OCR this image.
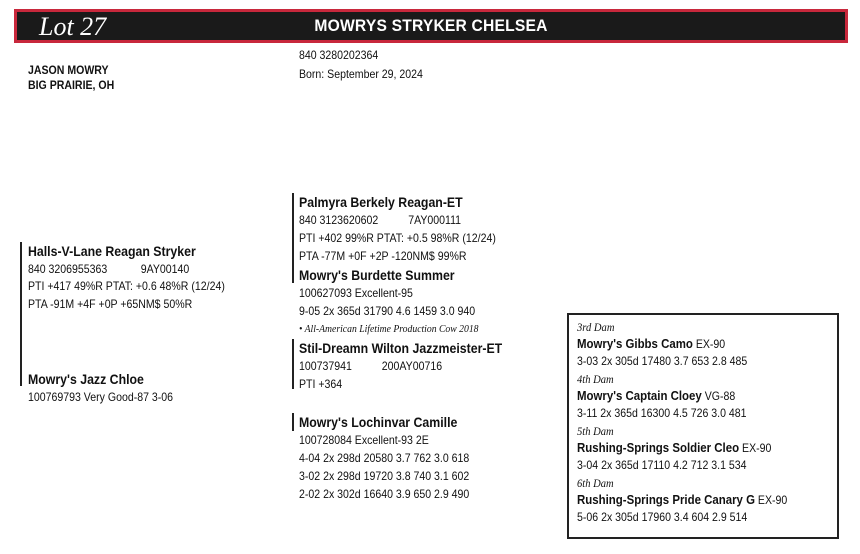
Lot 27	MOWRYS STRYKER CHELSEA
JASON MOWRY
BIG PRAIRIE, OH
840 3280202364
Born: September 29, 2024
Halls-V-Lane Reagan Stryker
840 3206955363	9AY00140
PTI +417 49%R PTAT: +0.6 48%R (12/24)
PTA -91M +4F +0P +65NM$ 50%R
Mowry's Jazz Chloe
100769793 Very Good-87 3-06
Palmyra Berkely Reagan-ET
840 3123620602 7AY000111
PTI +402 99%R PTAT: +0.5 98%R (12/24)
PTA -77M +0F +2P -120NM$ 99%R
Mowry's Burdette Summer
100627093 Excellent-95
9-05 2x 365d 31790 4.6 1459 3.0 940
• All-American Lifetime Production Cow 2018
Stil-Dreamn Wilton Jazzmeister-ET
100737941 200AY00716
PTI +364
Mowry's Lochinvar Camille
100728084 Excellent-93 2E
4-04 2x 298d 20580 3.7 762 3.0 618
3-02 2x 298d 19720 3.8 740 3.1 602
2-02 2x 302d 16640 3.9 650 2.9 490
3rd Dam
Mowry's Gibbs Camo EX-90
3-03 2x 305d 17480 3.7 653 2.8 485
4th Dam
Mowry's Captain Cloey VG-88
3-11 2x 365d 16300 4.5 726 3.0 481
5th Dam
Rushing-Springs Soldier Cleo EX-90
3-04 2x 365d 17110 4.2 712 3.1 534
6th Dam
Rushing-Springs Pride Canary G EX-90
5-06 2x 305d 17960 3.4 604 2.9 514
